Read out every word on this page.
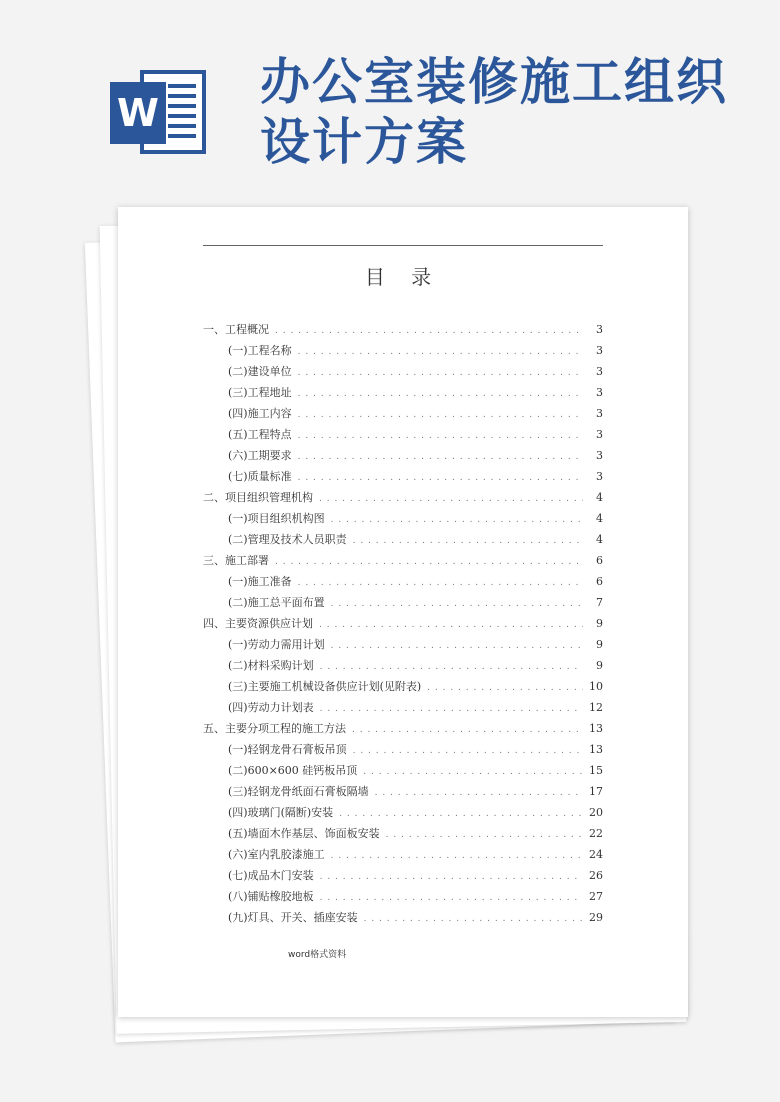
W
办公室装修施工组织设计方案
目 录
一、工程概况 . . .	3
(一)工程名称 . . .	3
(二)建设单位 . . .	3
(三)工程地址 . . .	3
(四)施工内容 . . .	3
(五)工程特点 . . .	3
(六)工期要求 . . .	3
(七)质量标准 . . .	3
二、项目组织管理机构 . . .	4
(一)项目组织机构图 . . .	4
(二)管理及技术人员职责 . . .	4
三、施工部署 . . .	6
(一)施工准备 . . .	6
(二)施工总平面布置 . . .	7
四、主要资源供应计划 . . .	9
(一)劳动力需用计划 . . .	9
(二)材料采购计划 . . .	9
(三)主要施工机械设备供应计划(见附表) . . .	10
(四)劳动力计划表 . . .	12
五、主要分项工程的施工方法 . . .	13
(一)轻钢龙骨石膏板吊顶 . . .	13
(二)600×600 硅钙板吊顶 . . .	15
(三)轻钢龙骨纸面石膏板隔墙 . . .	17
(四)玻璃门(隔断)安装 . . .	20
(五)墙面木作基层、饰面板安装 . . .	22
(六)室内乳胶漆施工 . . .	24
(七)成品木门安装 . . .	26
(八)铺贴橡胶地板 . . .	27
(九)灯具、开关、插座安装 . . .	29
word格式资料
